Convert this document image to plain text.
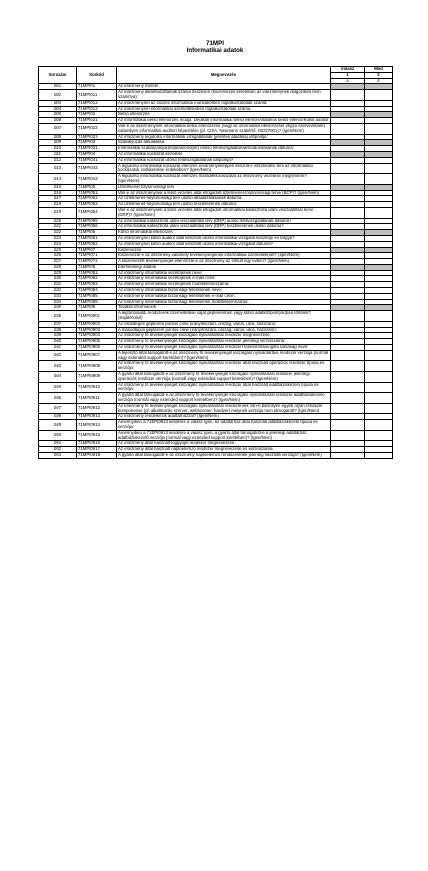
71MPI
Informatikai adatok
Sorszám	Sorkód	Megnevezés	Válasz	Mód
			1	2
			a	z
001	71MPI01	Az intézmény mérete		
002	71MPI011	Az intézmény alkalmazottainak száma összesen (kiszervezés keretében az intézménynek dolgozókat nem számítva):		
003	71MPI012	Az intézménynél az összes informatikai munkakörben foglalkoztatottak száma:		
004	71MPI013	Az intézménynél informatikai üzemeltetésben foglalkoztatottak száma:		
005	71MPI02	Belső ellenőrzés		
006	71MPI021	Az informatikai belső ellenőrzés módja: Dedikált informatikai belső ellenőr/Általános belső ellenőr/Külső auditor		
007	71MPI022	Van-e az intézménynek informatikai belső ellenőrzése (vagy az informatika ellenőrzését végző szervezetnek) valamilyen informatikai auditori képesítése (pl. CISA, Neumann szakértő, ISO27001)? (Igen/Nem)		
008	71MPI023	Az intézmény legutolsó informatikai vizsgálatának (jelentés átadása) időpontja:		
009	71MPI03	Szabályozás aktualitása		
010	71MPI031	Informatikai szabályzat(ok)/eljárásrend(ek) utolsó felülvizsgálatának/módosításának dátuma:		
011	71MPI04	Az informatikai kockázat kezelése		
012	71MPI041	Az informatikai kockázat utolsó felülvizsgálatának időpontja?		
013	71MPI042	A legutolsó informatikai kockázat elemzés eredményeképpen készült-e intézkedési terv az informatikai kockázatok csökkentése érdekében? (Igen/Nem)		
014	71MPI043	A legutolsó informatikai kockázat elemzés maradékkockázatát az intézmény vezetése megismerte? (Igen/Nem)		
015	71MPI05	Üzletmenet folytonossági terv		
016	71MPI051	Van-e az intézménynek a felső vezetés által elfogadott üzletmenet-folytonossági terve (BCP)? (Igen/Nem)		
017	71MPI052	Az üzletmenet-folytonossági terv utolsó aktualizálásának dátuma:		
018	71MPI053	Az üzletmenet-folytonossági terv utolsó tesztelésének dátuma:		
019	71MPI054	Van-e az intézménynek a felső vezetés által elfogadott informatikai katasztrófa utáni visszaállítási terve (DRP)? (Igen/Nem)		
020	71MPI055	Az informatikai katasztrófa utáni visszaállítási terv (DRP) utolsó felülvizsgálatának dátuma?		
021	71MPI056	Az informatikai katasztrófa utáni visszaállítási terv (DRP) tesztelésének utolsó dátuma?		
022	71MPI06	Külső informatikai ellenőrzés		
023	71MPI061	Az intézménynél külső auditor által készített utolsó informatikai vizsgálat készítője és tárgya?		
024	71MPI062	Az intézménynél külső auditor által készített utolsó informatikai vizsgálat dátuma?		
025	71MPI07	Kiszervezés		
026	71MPI071	Kiszervezte-e az intézmény valamely tevékenységének informatikai üzemeltetését? (Igen/Nem)		
027	71MPI072	A kiszervezett tevékenységet ellenőrizte-e az intézmény az elmúlt egy évben? (Igen/Nem)		
028	71MPI08	Elérhetőségi adatok		
029	71MPI081	Az intézmény informatikai vezetőjének neve:		
030	71MPI082	Az intézmény informatikai vezetőjének e-mail címe:		
031	71MPI083	Az intézmény informatikai vezetőjének mobiltelefonszáma:		
032	71MPI084	Az intézmény informatikai biztonsági felelősének neve:		
033	71MPI085	Az intézmény informatikai biztonsági felelősének e-mail címe:		
034	71MPI086	Az intézmény informatikai biztonsági felelősének mobiltelefonszáma:		
035	71MPI09	További információk		
036	71MPI0901	A legfontosabb rendszerek üzemeltetése saját gépteremben vagy külső adatközpont(ok)ban történik? (Saját/Külső)		
037	71MPI0902	Az elsődleges gépterem pontos címe (irányítószám, ország, város, utca, házszám):		
038	71MPI0903	A másodlagos gépterem pontos címe (irányítószám, ország, város, utca, házszám):		
039	71MPI0904	Az intézmény fő tevékenységét kiszolgáló nyilvántartási rendszer megnevezése:		
040	71MPI0905	Az intézmény fő tevékenységét kiszolgáló nyilvántartási rendszer jelenlegi verziószáma:		
041	71MPI0906	Az intézmény fő tevékenységét kiszolgáló nyilvántartási rendszert fejlesztő/támogató társaság neve:		
042	71MPI0907	A fejlesztő által támogatott-e az intézmény fő tevékenységét kiszolgáló nyilvántartási rendszer verziója (normál vagy extended support keretében)? (Igen/Nem)		
043	71MPI0908	Az intézmény fő tevékenységét kiszolgáló nyilvántartási rendszer által használt operációs rendszer típusa és verziója:		
044	71MPI0909	A gyártó által támogatott-e az intézmény fő tevékenységét kiszolgáló nyilvántartási rendszer jelenlegi operációs rendszer verziója (normál vagy extended support keretében)? (Igen/Nem)		
045	71MPI0910	Az intézmény fő tevékenységét kiszolgáló nyilvántartási rendszer által használt adatbáziskezelő típusa és verziója:		
046	71MPI0911	A gyártó által támogatott-e az intézmény fő tevékenységét kiszolgáló nyilvántartási rendszer adatbáziskezelő verziója (normál vagy extended support keretében)? (Igen/Nem)		
047	71MPI0912	Az intézmény fő tevékenységét kiszolgáló nyilvántartási rendszernek van-e bármilyen egyéb olyan rendszer komponense (pl. alkalmazás szerver, webszerver, hardver) melynek verziója nem támogatott? (Igen/Nem)		
048	71MPI0913	Az intézmény rendelkezik adattárházzal? (Igen/Nem)		
049	71MPI0914	Amennyiben a 71EPI0913 kérdésre a válasz Igen, az adattárház által használt adatbáziskezelő típusa és verziója:		
050	71MPI0915	Amennyiben a 71EPI0913 kérdésre a válasz Igen, a gyártó által támogatott-e a jelenlegi adattárház adatbáziskezelő verziója (normál vagy extended support keretében)? (Igen/Nem)		
051	71MPI0916	Az intézmény által használt loggyűjtő rendszer megnevezése:		
052	71MPI0917	Az intézmény által használt naplóelemző rendszer megnevezése és verziószáma:		
053	71MPI0918	A gyártó által támogatott-e az intézmény naplóelemző rendszerének jelenleg használt verziója? (Igen/Nem)		
